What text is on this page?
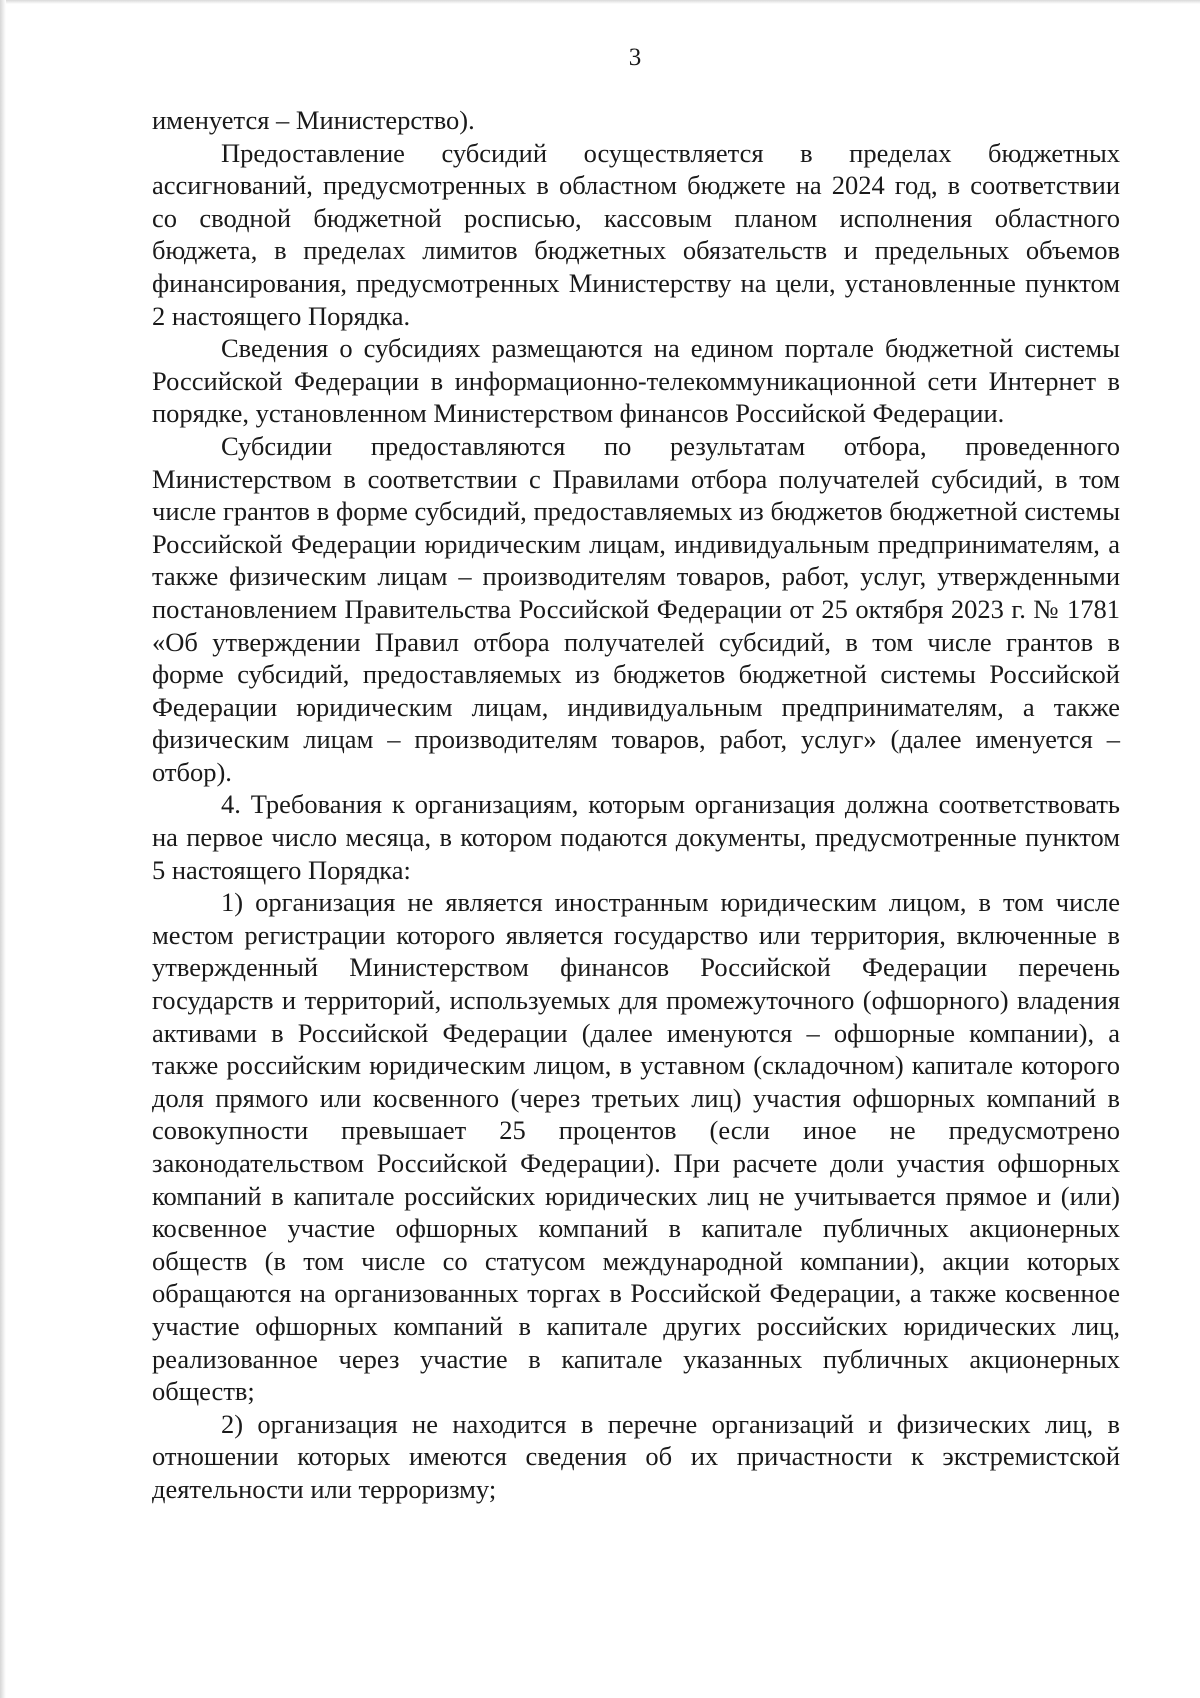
3

именуется – Министерство).

Предоставление субсидий осуществляется в пределах бюджетных ассигнований, предусмотренных в областном бюджете на 2024 год, в соответствии со сводной бюджетной росписью, кассовым планом исполнения областного бюджета, в пределах лимитов бюджетных обязательств и предельных объемов финансирования, предусмотренных Министерству на цели, установленные пунктом 2 настоящего Порядка.

Сведения о субсидиях размещаются на едином портале бюджетной системы Российской Федерации в информационно-телекоммуникационной сети Интернет в порядке, установленном Министерством финансов Российской Федерации.

Субсидии предоставляются по результатам отбора, проведенного Министерством в соответствии с Правилами отбора получателей субсидий, в том числе грантов в форме субсидий, предоставляемых из бюджетов бюджетной системы Российской Федерации юридическим лицам, индивидуальным предпринимателям, а также физическим лицам – производителям товаров, работ, услуг, утвержденными постановлением Правительства Российской Федерации от 25 октября 2023 г. № 1781 «Об утверждении Правил отбора получателей субсидий, в том числе грантов в форме субсидий, предоставляемых из бюджетов бюджетной системы Российской Федерации юридическим лицам, индивидуальным предпринимателям, а также физическим лицам – производителям товаров, работ, услуг» (далее именуется – отбор).

4. Требования к организациям, которым организация должна соответствовать на первое число месяца, в котором подаются документы, предусмотренные пунктом 5 настоящего Порядка:

1) организация не является иностранным юридическим лицом, в том числе местом регистрации которого является государство или территория, включенные в утвержденный Министерством финансов Российской Федерации перечень государств и территорий, используемых для промежуточного (офшорного) владения активами в Российской Федерации (далее именуются – офшорные компании), а также российским юридическим лицом, в уставном (складочном) капитале которого доля прямого или косвенного (через третьих лиц) участия офшорных компаний в совокупности превышает 25 процентов (если иное не предусмотрено законодательством Российской Федерации). При расчете доли участия офшорных компаний в капитале российских юридических лиц не учитывается прямое и (или) косвенное участие офшорных компаний в капитале публичных акционерных обществ (в том числе со статусом международной компании), акции которых обращаются на организованных торгах в Российской Федерации, а также косвенное участие офшорных компаний в капитале других российских юридических лиц, реализованное через участие в капитале указанных публичных акционерных обществ;

2) организация не находится в перечне организаций и физических лиц, в отношении которых имеются сведения об их причастности к экстремистской деятельности или терроризму;
